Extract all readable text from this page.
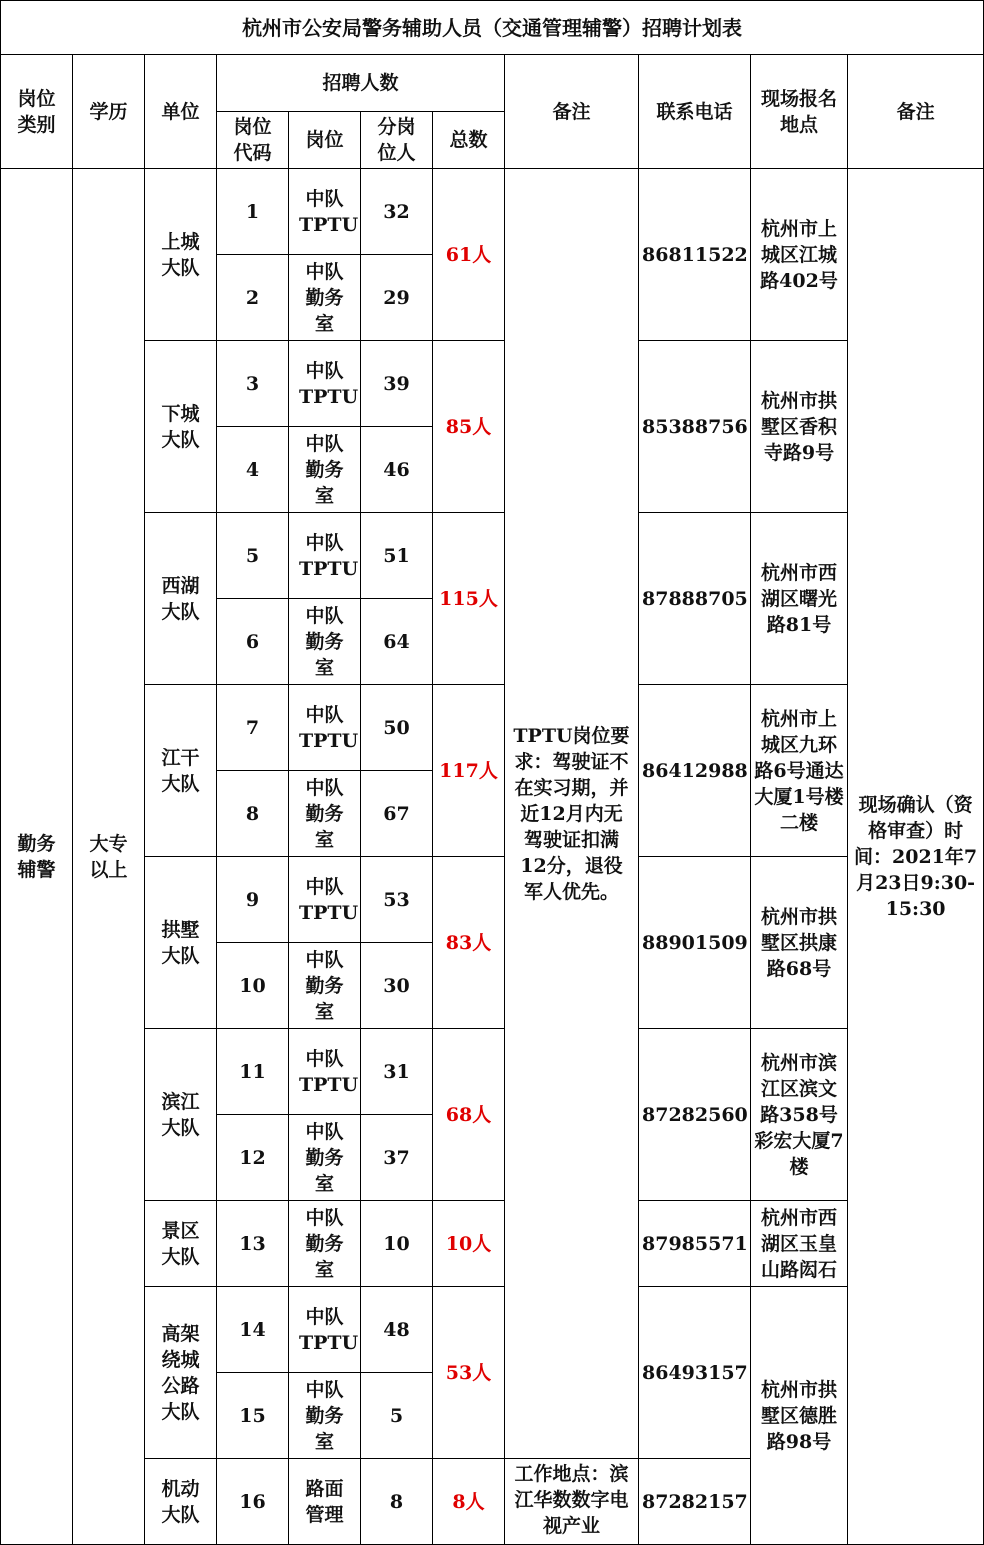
杭州市公安局警务辅助人员（交通管理辅警）招聘计划表										
岗位类别	学历	单位	招聘人数				备注	联系电话	现场报名地点	备注
			岗位代码	岗位	分岗位人	总数				
勤务辅警	大专以上	上城大队	1	中队TPTU	32	61人	TPTU岗位要求：驾驶证不在实习期，并近12月内无驾驶证扣满12分，退役军人优先。	86811522	杭州市上城区江城路402号	现场确认（资格审查）时间：2021年7月23日9:30-15:30
			2	中队勤务室	29					
		下城大队	3	中队TPTU	39	85人		85388756	杭州市拱墅区香积寺路9号	
			4	中队勤务室	46					
		西湖大队	5	中队TPTU	51	115人		87888705	杭州市西湖区曙光路81号	
			6	中队勤务室	64					
		江干大队	7	中队TPTU	50	117人		86412988	杭州市上城区九环路6号通达大厦1号楼二楼	
			8	中队勤务室	67					
		拱墅大队	9	中队TPTU	53	83人		88901509	杭州市拱墅区拱康路68号	
			10	中队勤务室	30					
		滨江大队	11	中队TPTU	31	68人		87282560	杭州市滨江区滨文路358号彩宏大厦7楼	
			12	中队勤务室	37					
		景区大队	13	中队勤务室	10	10人		87985571	杭州市西湖区玉皇山路闳石	
		高架绕城公路大队	14	中队TPTU	48	53人		86493157	杭州市拱墅区德胜路98号	
			15	中队勤务室	5					
		机动大队	16	路面管理	8	8人	工作地点：滨江华数数字电视产业	87282157		
